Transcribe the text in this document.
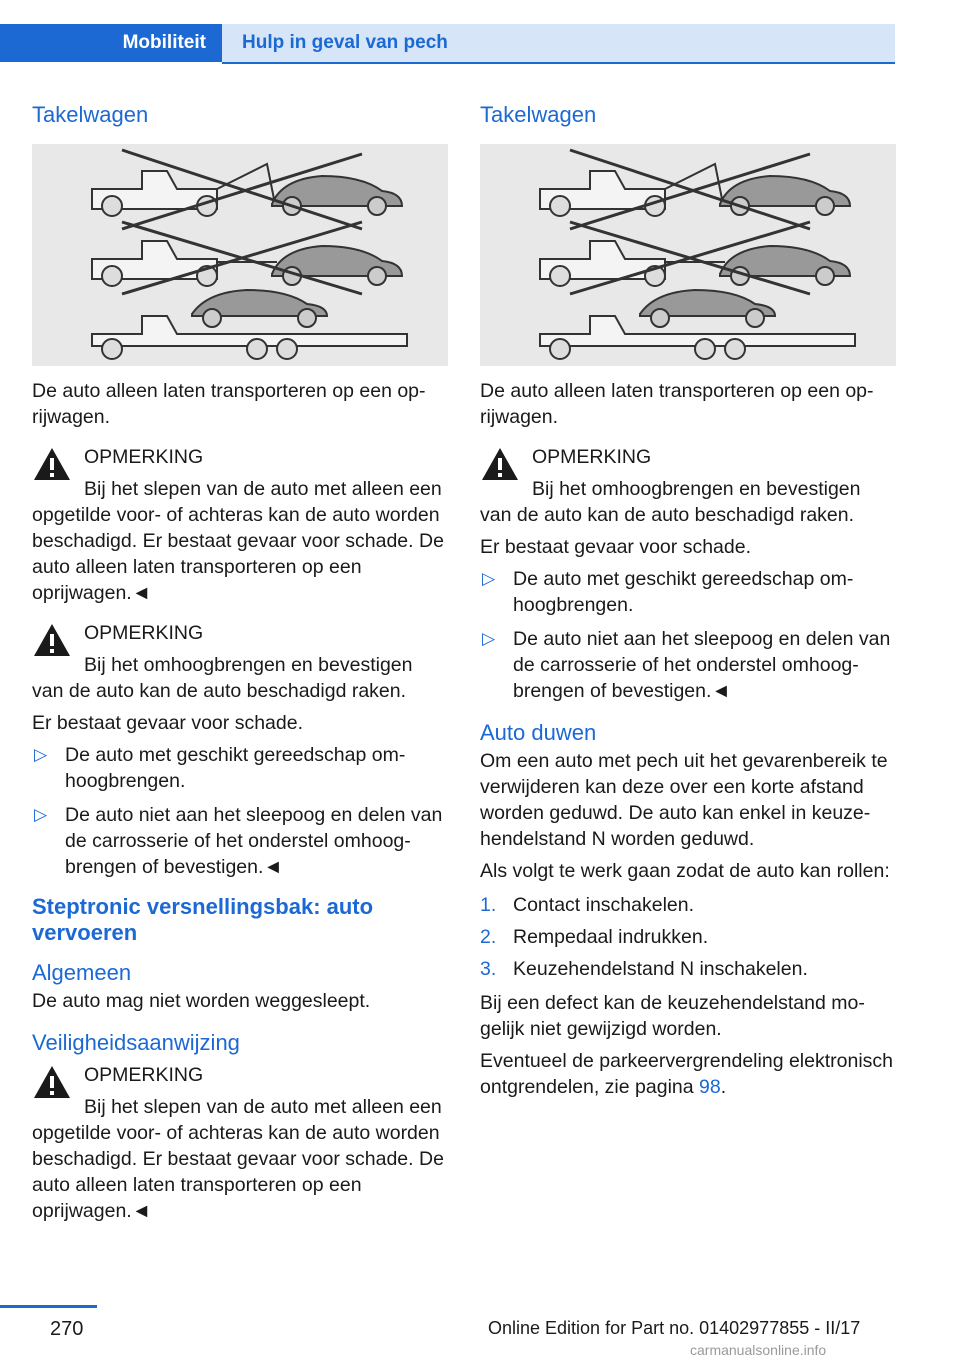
Mobiliteit	Hulp in geval van pech
Takelwagen

De auto alleen laten transporteren op een oprijwagen.

OPMERKING
Bij het slepen van de auto met alleen een opgetilde voor- of achteras kan de auto worden beschadigd. Er bestaat gevaar voor schade. De auto alleen laten transporteren op een oprijwagen.◄
OPMERKING
Bij het omhoogbrengen en bevestigen van de auto kan de auto beschadigd raken.

Er bestaat gevaar voor schade.

▷ De auto met geschikt gereedschap omhoogbrengen.
▷ De auto niet aan het sleepoog en delen van de carrosserie of het onderstel omhoogbrengen of bevestigen.◄
Steptronic versnellingsbak: auto vervoeren
Algemeen

De auto mag niet worden weggesleept.

Veiligheidsaanwijzing
OPMERKING
Bij het slepen van de auto met alleen een opgetilde voor- of achteras kan de auto worden beschadigd. Er bestaat gevaar voor schade. De auto alleen laten transporteren op een oprijwagen.◄
Takelwagen

De auto alleen laten transporteren op een oprijwagen.

OPMERKING
Bij het omhoogbrengen en bevestigen van de auto kan de auto beschadigd raken.

Er bestaat gevaar voor schade.

▷ De auto met geschikt gereedschap omhoogbrengen.
▷ De auto niet aan het sleepoog en delen van de carrosserie of het onderstel omhoogbrengen of bevestigen.◄
Auto duwen

Om een auto met pech uit het gevarenbereik te verwijderen kan deze over een korte afstand worden geduwd. De auto kan enkel in keuzehendelstand N worden geduwd.

Als volgt te werk gaan zodat de auto kan rollen:

1. Contact inschakelen.
2. Rempedaal indrukken.
3. Keuzehendelstand N inschakelen.

Bij een defect kan de keuzehendelstand mogelijk niet gewijzigd worden.

Eventueel de parkeervergrendeling elektronisch ontgrendelen, zie pagina 98.

270	Online Edition for Part no. 01402977855 - II/17
carmanualsonline.info
